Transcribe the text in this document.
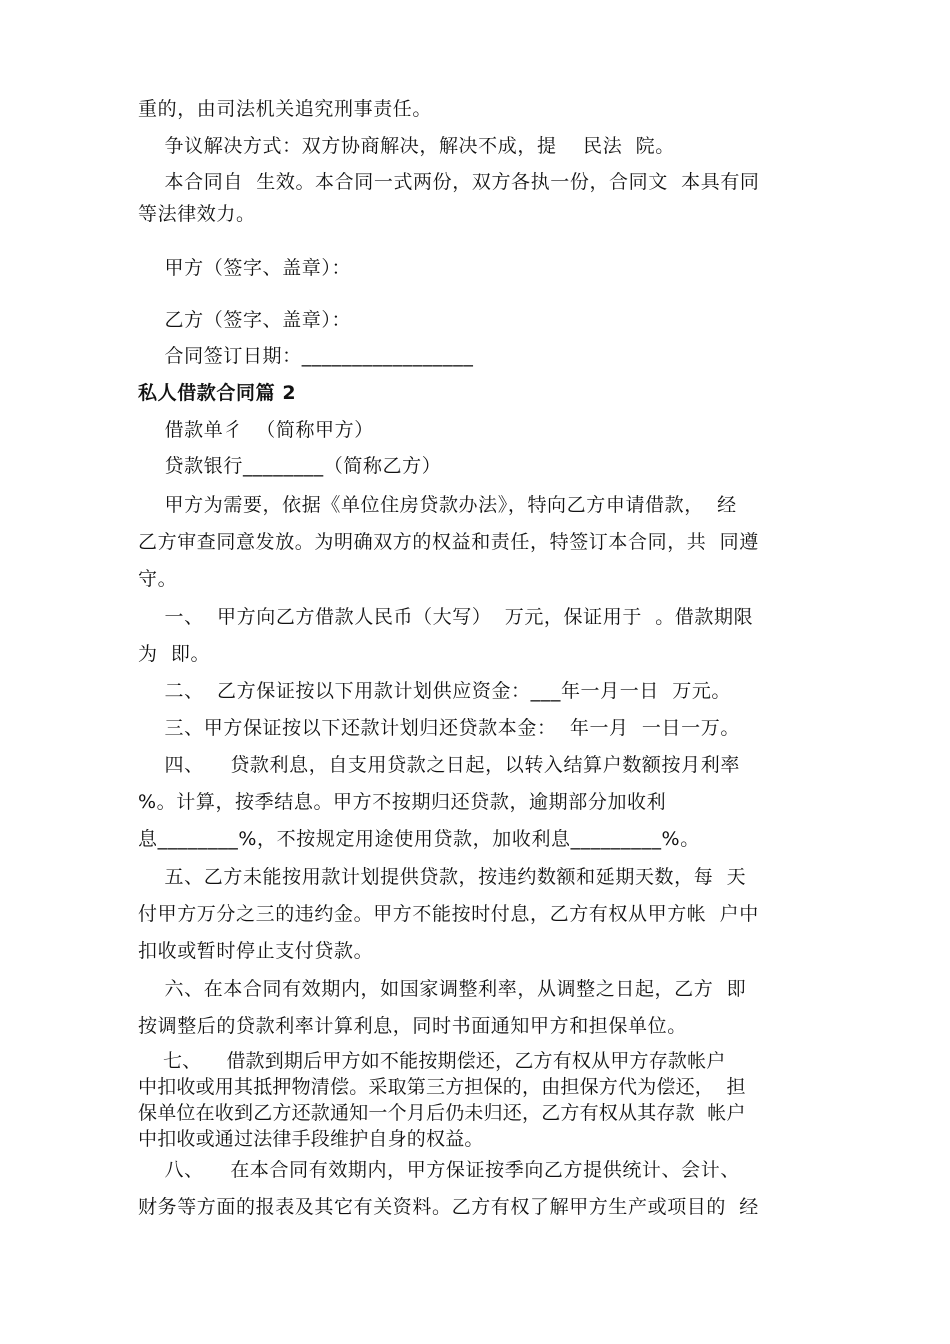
重的，由司法机关追究刑事责任。

争议解决方式：双方协商解决，解决不成，提    民法  院。

本合同自  生效。本合同一式两份，双方各执一份，合同文  本具有同

等法律效力。

甲方（签字、盖章）：

乙方（签字、盖章）：

合同签订日期：_________________

私人借款合同篇 2

借款单彳  （简称甲方）

贷款银行________（简称乙方）

甲方为需要，依据《单位住房贷款办法》，特向乙方申请借款，  经

乙方审查同意发放。为明确双方的权益和责任，特签订本合同，共  同遵

守。

一、  甲方向乙方借款人民币（大写）  万元，保证用于  。借款期限

为  即。

二、  乙方保证按以下用款计划供应资金：___年一月一日  万元。

三、甲方保证按以下还款计划归还贷款本金：  年一月  一日一万。

四、    贷款利息，自支用贷款之日起，以转入结算户数额按月利率

%。计算，按季结息。甲方不按期归还贷款，逾期部分加收利

息________%，不按规定用途使用贷款，加收利息_________%。

五、乙方未能按用款计划提供贷款，按违约数额和延期天数，每  天

付甲方万分之三的违约金。甲方不能按时付息，乙方有权从甲方帐  户中

扣收或暂时停止支付贷款。

六、在本合同有效期内，如国家调整利率，从调整之日起，乙方  即

按调整后的贷款利率计算利息，同时书面通知甲方和担保单位。

七、    借款到期后甲方如不能按期偿还，乙方有权从甲方存款帐户

中扣收或用其抵押物清偿。采取第三方担保的，由担保方代为偿还，  担

保单位在收到乙方还款通知一个月后仍未归还，乙方有权从其存款  帐户

中扣收或通过法律手段维护自身的权益。

八、    在本合同有效期内，甲方保证按季向乙方提供统计、会计、

财务等方面的报表及其它有关资料。乙方有权了解甲方生产或项目的  经
